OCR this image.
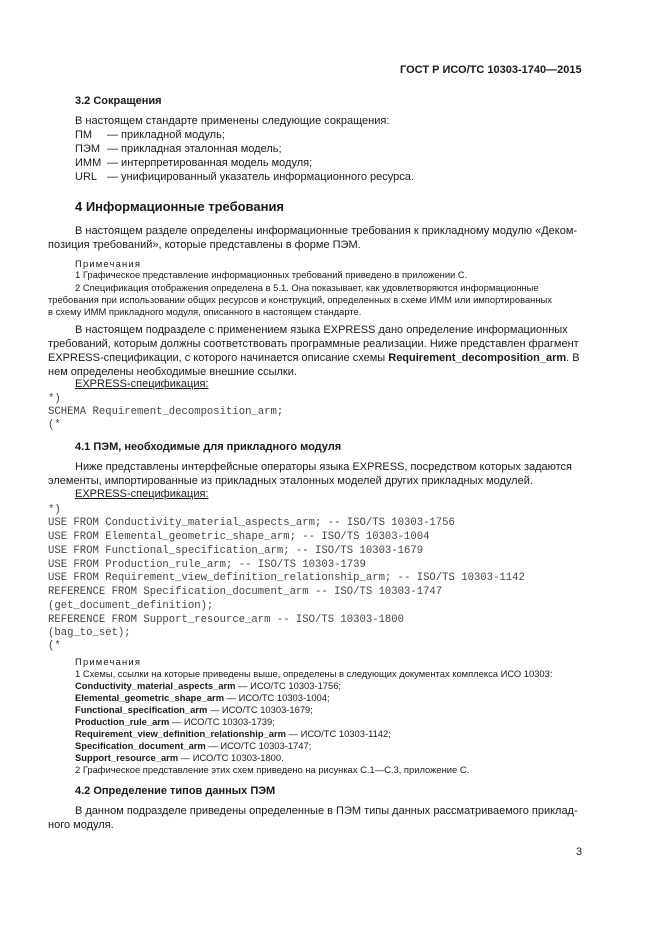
ГОСТ Р ИСО/ТС 10303-1740—2015
3.2 Сокращения
В настоящем стандарте применены следующие сокращения:
ПМ — прикладной модуль;
ПЭМ — прикладная эталонная модель;
ИММ — интерпретированная модель модуля;
URL — унифицированный указатель информационного ресурса.
4 Информационные требования
В настоящем разделе определены информационные требования к прикладному модулю «Деком-
позиция требований», которые представлены в форме ПЭМ.
Примечания
1 Графическое представление информационных требований приведено в приложении С.
2 Спецификация отображения определена в 5.1. Она показывает, как удовлетворяются информационные
требования при использовании общих ресурсов и конструкций, определенных в схеме ИММ или импортированных
в схему ИММ прикладного модуля, описанного в настоящем стандарте.
В настоящем подразделе с применением языка EXPRESS дано определение информационных
требований, которым должны соответствовать программные реализации. Ниже представлен фрагмент
EXPRESS-спецификации, с которого начинается описание схемы Requirement_decomposition_arm. В
нем определены необходимые внешние ссылки.
EXPRESS-спецификация:
*)
SCHEMA Requirement_decomposition_arm;
(*
4.1 ПЭМ, необходимые для прикладного модуля
Ниже представлены интерфейсные операторы языка EXPRESS, посредством которых задаются
элементы, импортированные из прикладных эталонных моделей других прикладных модулей.
EXPRESS-спецификация:
*)
USE FROM Conductivity_material_aspects_arm; -- ISO/TS 10303-1756
USE FROM Elemental_geometric_shape_arm; -- ISO/TS 10303-1004
USE FROM Functional_specification_arm; -- ISO/TS 10303-1679
USE FROM Production_rule_arm; -- ISO/TS 10303-1739
USE FROM Requirement_view_definition_relationship_arm; -- ISO/TS 10303-1142
REFERENCE FROM Specification_document_arm -- ISO/TS 10303-1747
(get_document_definition);
REFERENCE FROM Support_resource_arm -- ISO/TS 10303-1800
(bag_to_set);
(*
Примечания
1 Схемы, ссылки на которые приведены выше, определены в следующих документах комплекса ИСО 10303:
Conductivity_material_aspects_arm — ИСО/ТС 10303-1756;
Elemental_geometric_shape_arm — ИСО/ТС 10303-1004;
Functional_specification_arm — ИСО/ТС 10303-1679;
Production_rule_arm — ИСО/ТС 10303-1739;
Requirement_view_definition_relationship_arm — ИСО/ТС 10303-1142;
Specification_document_arm — ИСО/ТС 10303-1747;
Support_resource_arm — ИСО/ТС 10303-1800.
2 Графическое представление этих схем приведено на рисунках С.1—С.3, приложение С.
4.2 Определение типов данных ПЭМ
В данном подразделе приведены определенные в ПЭМ типы данных рассматриваемого приклад-
ного модуля.
3
